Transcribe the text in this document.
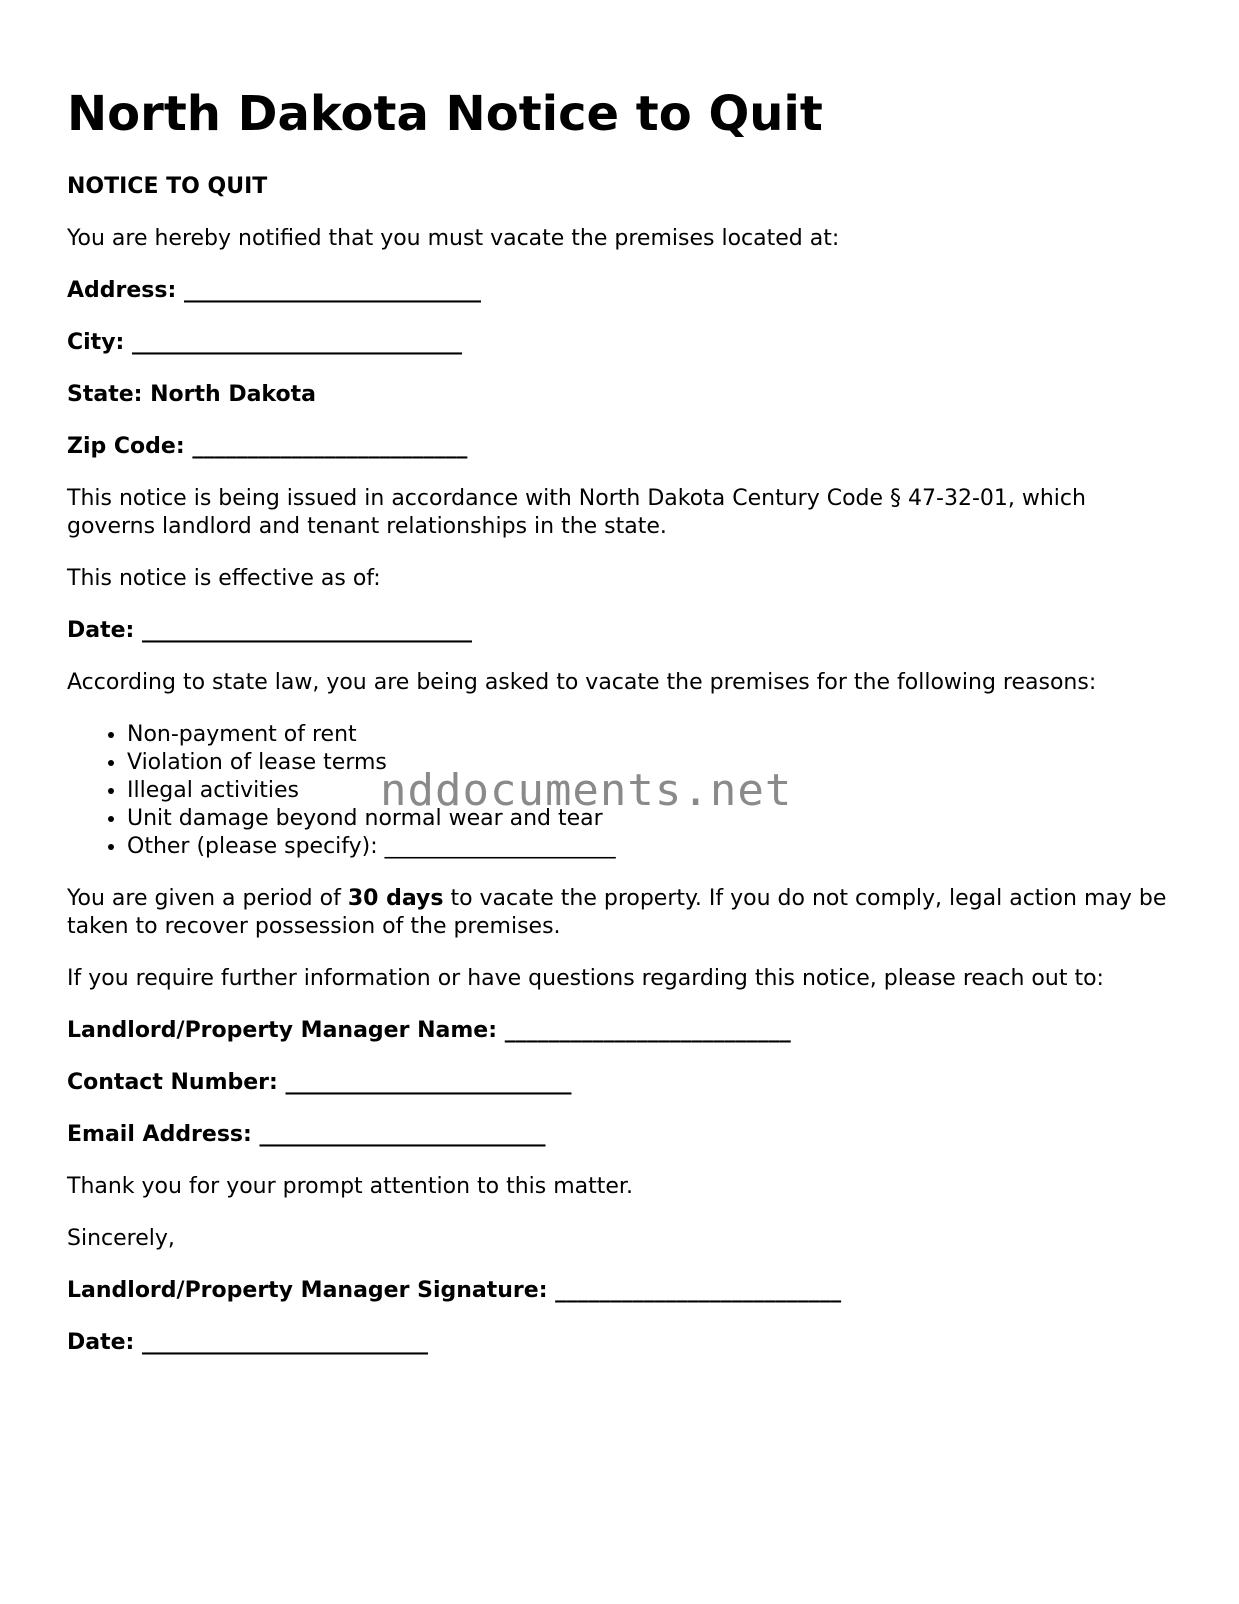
North Dakota Notice to Quit
NOTICE TO QUIT

You are hereby notified that you must vacate the premises located at:

Address: ___________________________
City: ______________________________
State: North Dakota
Zip Code: _________________________

This notice is being issued in accordance with North Dakota Century Code § 47-32-01, which governs landlord and tenant relationships in the state.

This notice is effective as of:

Date: ______________________________

According to state law, you are being asked to vacate the premises for the following reasons:

• Non-payment of rent
• Violation of lease terms
• Illegal activities
• Unit damage beyond normal wear and tear
• Other (please specify): _____________________

You are given a period of 30 days to vacate the property. If you do not comply, legal action may be taken to recover possession of the premises.

If you require further information or have questions regarding this notice, please reach out to:

Landlord/Property Manager Name: __________________________
Contact Number: __________________________
Email Address: __________________________

Thank you for your prompt attention to this matter.

Sincerely,

Landlord/Property Manager Signature: __________________________
Date: __________________________
nddocuments.net
